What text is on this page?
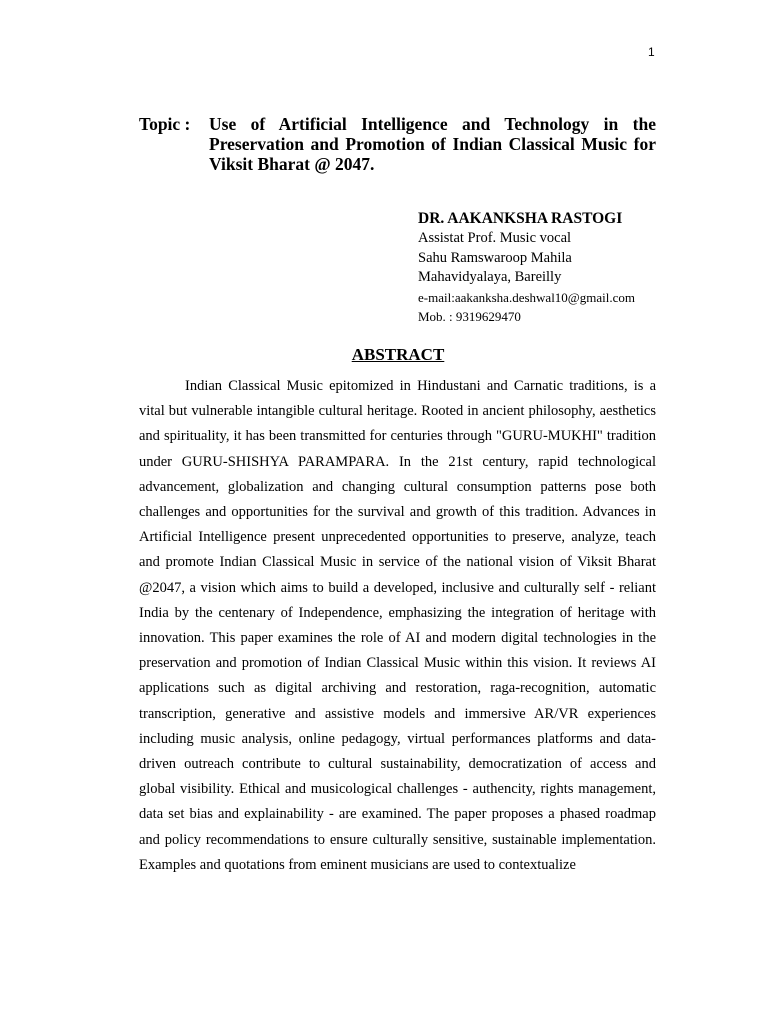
1
Topic :	Use of Artificial Intelligence and Technology in the Preservation and Promotion of Indian Classical Music for Viksit Bharat @ 2047.
DR. AAKANKSHA RASTOGI
Assistat Prof. Music vocal
Sahu Ramswaroop Mahila
Mahavidyalaya, Bareilly
e-mail:aakanksha.deshwal10@gmail.com
Mob. : 9319629470
ABSTRACT

Indian Classical Music epitomized in Hindustani and Carnatic traditions, is a vital but vulnerable intangible cultural heritage. Rooted in ancient philosophy, aesthetics and spirituality, it has been transmitted for centuries through "GURU-MUKHI" tradition under GURU-SHISHYA PARAMPARA. In the 21st century, rapid technological advancement, globalization and changing cultural consumption patterns pose both challenges and opportunities for the survival and growth of this tradition. Advances in Artificial Intelligence present unprecedented opportunities to preserve, analyze, teach and promote Indian Classical Music in service of the national vision of Viksit Bharat @2047, a vision which aims to build a developed, inclusive and culturally self - reliant India by the centenary of Independence, emphasizing the integration of heritage with innovation. This paper examines the role of AI and modern digital technologies in the preservation and promotion of Indian Classical Music within this vision. It reviews AI applications such as digital archiving and restoration, raga-recognition, automatic transcription, generative and assistive models and immersive AR/VR experiences including music analysis, online pedagogy, virtual performances platforms and data-driven outreach contribute to cultural sustainability, democratization of access and global visibility. Ethical and musicological challenges - authencity, rights management, data set bias and explainability - are examined. The paper proposes a phased roadmap and policy recommendations to ensure culturally sensitive, sustainable implementation. Examples and quotations from eminent musicians are used to contextualize
